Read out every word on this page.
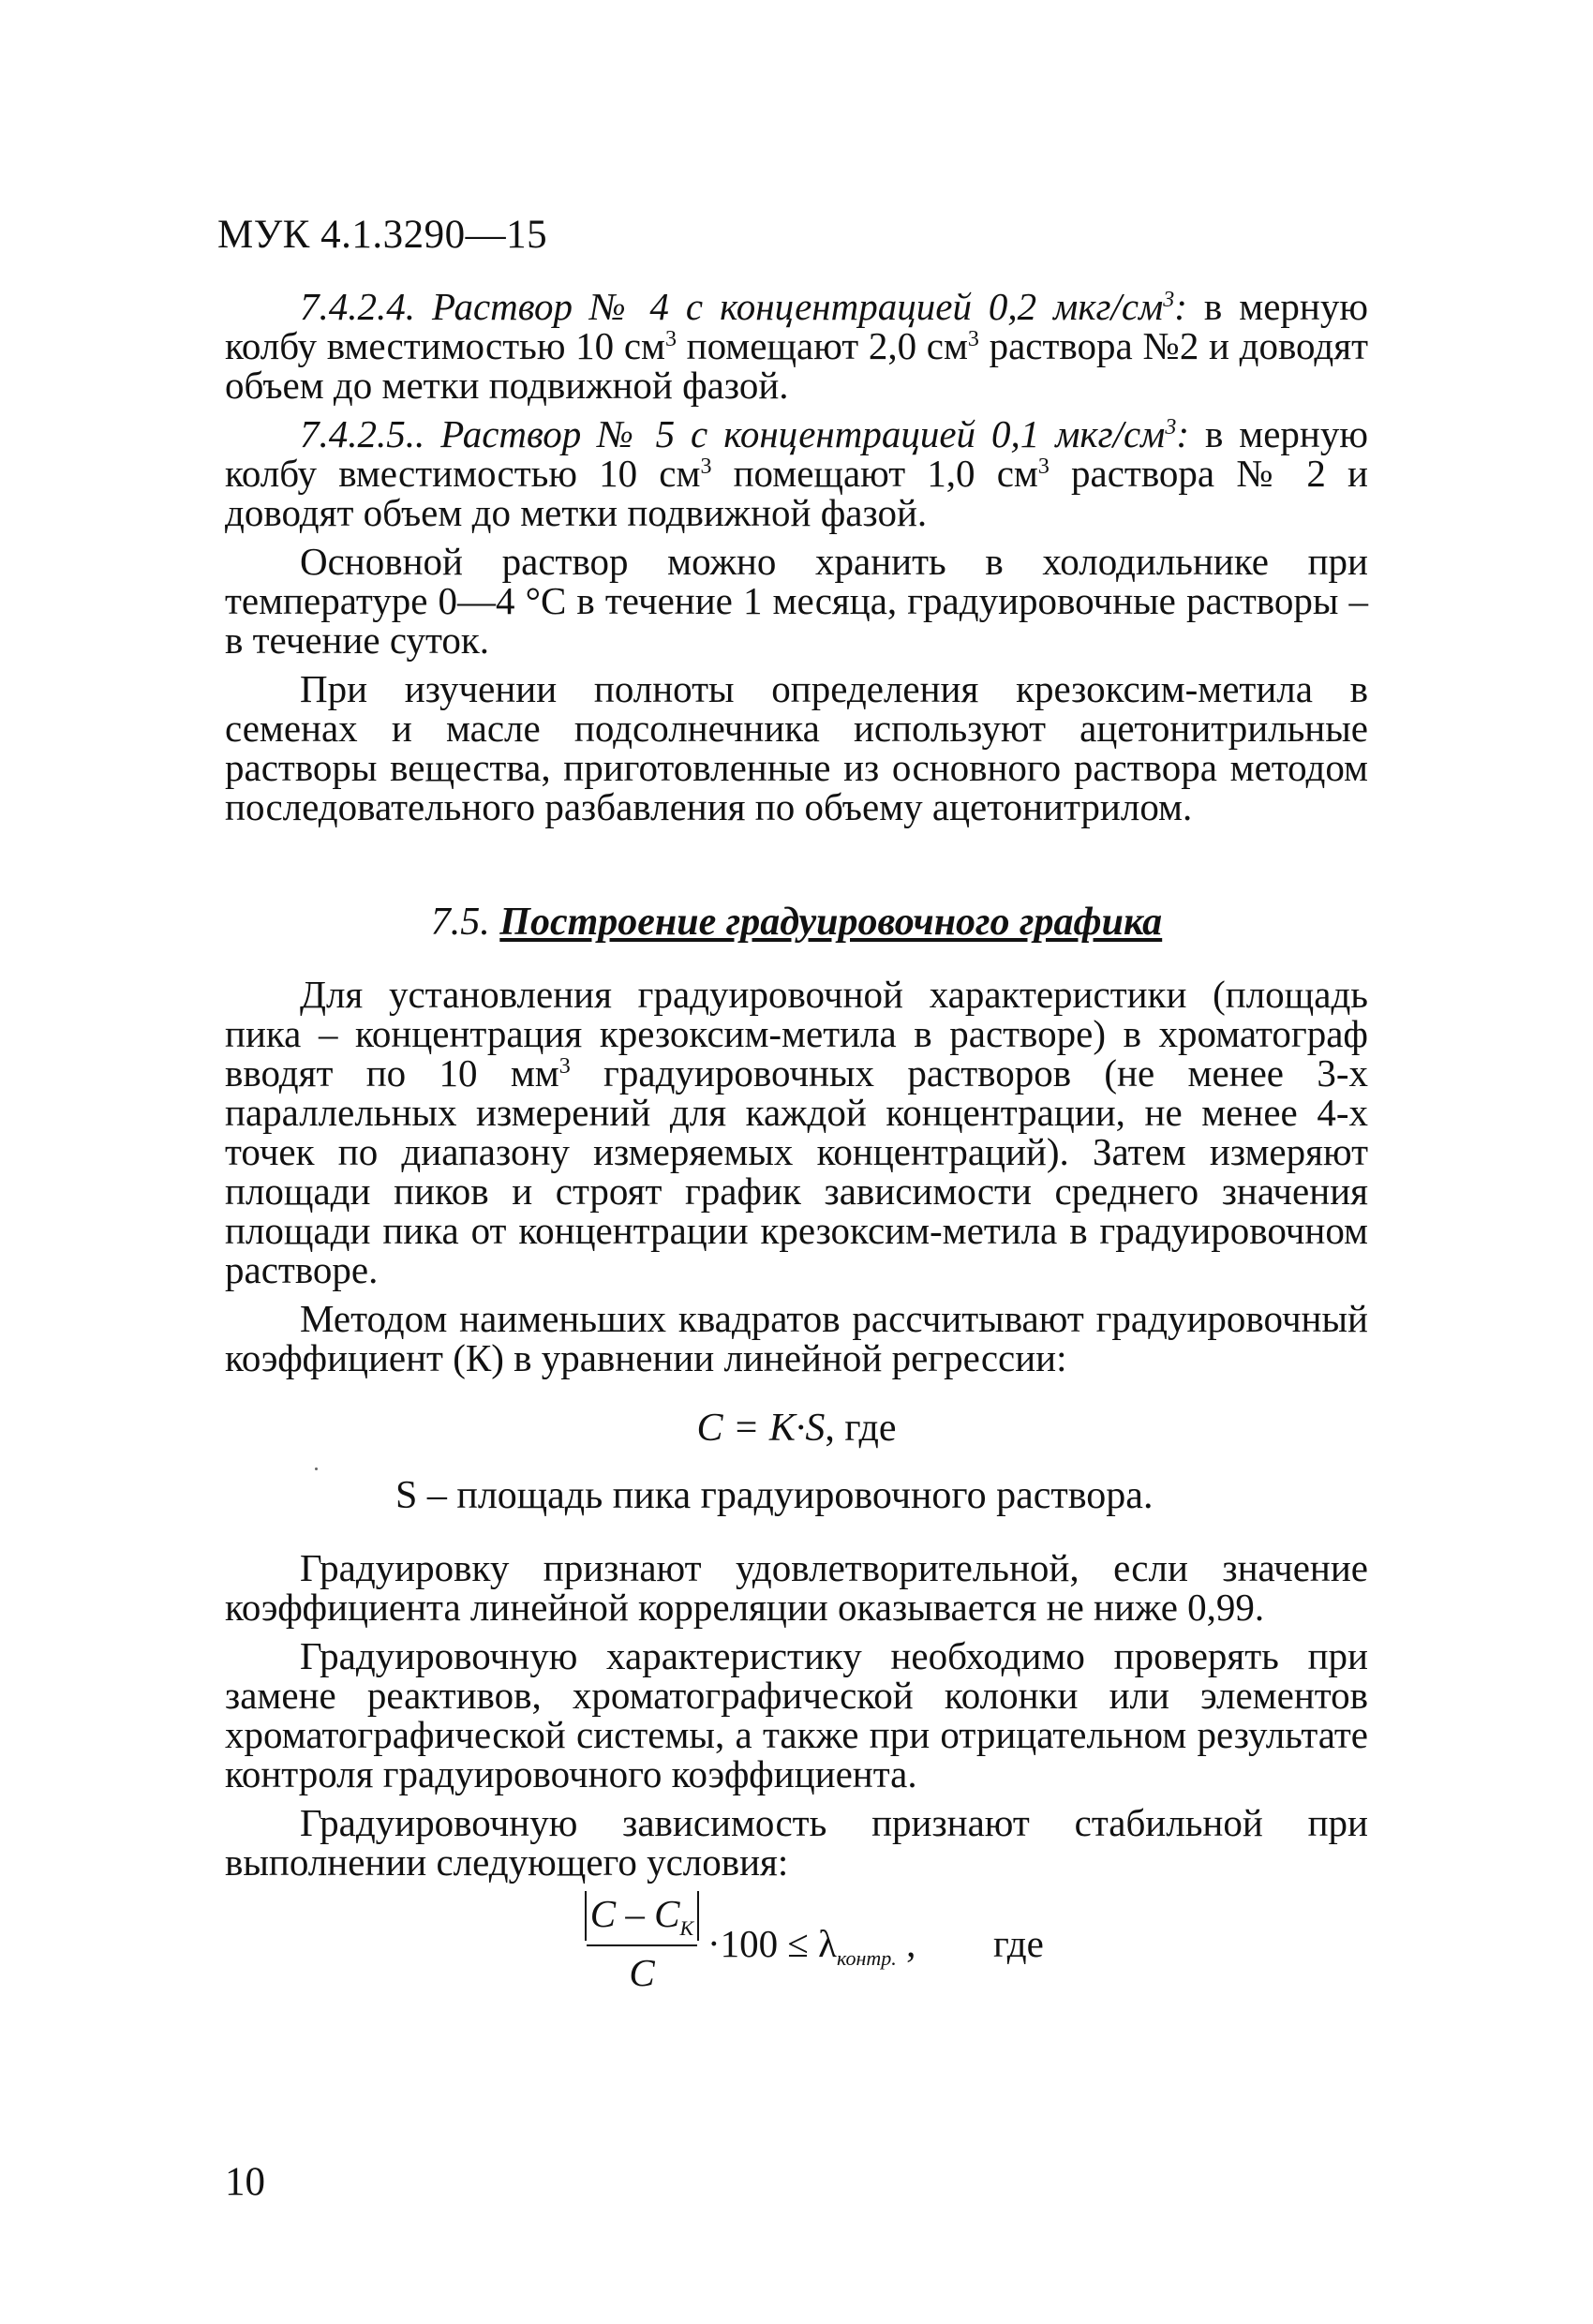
МУК 4.1.3290—15

7.4.2.4. Раствор № 4 с концентрацией 0,2 мкг/$см^3$: в мерную колбу вместимостью 10 $см^3$ помещают 2,0 $см^3$ раствора №2 и доводят объем до метки подвижной фазой.

7.4.2.5.. Раствор № 5 с концентрацией 0,1 мкг/$см^3$: в мерную колбу вместимостью 10 $см^3$ помещают 1,0 $см^3$ раствора № 2 и доводят объем до метки подвижной фазой.

Основной раствор можно хранить в холодильнике при температуре 0—4 °С в течение 1 месяца, градуировочные растворы – в течение суток.

При изучении полноты определения крезоксим-метила в семенах и масле подсолнечника используют ацетонитрильные растворы вещества, приготовленные из основного раствора методом последовательного разбавления по объему ацетонитрилом.

7.5. Построение градуировочного графика

Для установления градуировочной характеристики (площадь пика – концентрация крезоксим-метила в растворе) в хроматограф вводят по 10 $мм^3$ градуировочных растворов (не менее 3-х параллельных измерений для каждой концентрации, не менее 4-х точек по диапазону измеряемых концентраций). Затем измеряют площади пиков и строят график зависимости среднего значения площади пика от концентрации крезоксим-метила в градуировочном растворе.

Методом наименьших квадратов рассчитывают градуировочный коэффициент (К) в уравнении линейной регрессии:

C = K·S, где
S – площадь пика градуировочного раствора.

Градуировку признают удовлетворительной, если значение коэффициента линейной корреляции оказывается не ниже 0,99.

Градуировочную характеристику необходимо проверять при замене реактивов, хроматографической колонки или элементов хроматографической системы, а также при отрицательном результате контроля градуировочного коэффициента.

Градуировочную зависимость признают стабильной при выполнении следующего условия:

C – $C_K$
C
$\cdot 100 \le \lambda_{контр.}$ , где
10
